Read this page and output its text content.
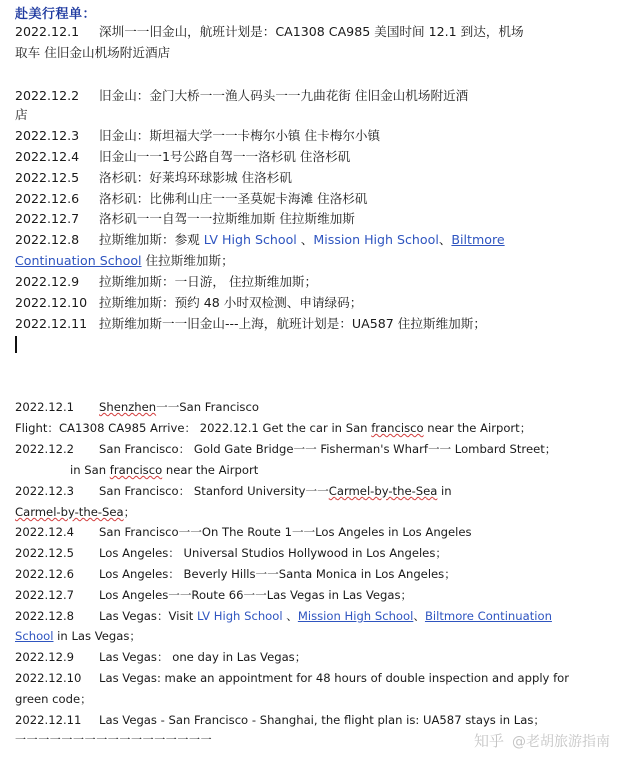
赴美行程单：
2022.12.1 深圳一一旧金山，航班计划是：CA1308 CA985 美国时间 12.1 到达，机场
取车 住旧金山机场附近酒店
2022.12.2 旧金山：金门大桥一一渔人码头一一九曲花街 住旧金山机场附近酒
店
2022.12.3 旧金山：斯坦福大学一一卡梅尔小镇 住卡梅尔小镇
2022.12.4 旧金山一一1号公路自驾一一洛杉矶 住洛杉矶
2022.12.5 洛杉矶：好莱坞环球影城 住洛杉矶
2022.12.6 洛杉矶：比佛利山庄一一圣莫妮卡海滩 住洛杉矶
2022.12.7 洛杉矶一一自驾一一拉斯维加斯 住拉斯维加斯
2022.12.8 拉斯维加斯：参观 LV High School 、Mission High School、Biltmore
Continuation School 住拉斯维加斯；
2022.12.9 拉斯维加斯：一日游， 住拉斯维加斯；
2022.12.10 拉斯维加斯：预约 48 小时双检测、申请绿码；
2022.12.11 拉斯维加斯一一旧金山---上海，航班计划是：UA587 住拉斯维加斯；
2022.12.1 Shenzhen一一San Francisco
Flight：CA1308 CA985 Arrive： 2022.12.1 Get the car in San francisco near the Airport；
2022.12.2 San Francisco： Gold Gate Bridge一一 Fisherman's Wharf一一 Lombard Street；
in San francisco near the Airport
2022.12.3 San Francisco： Stanford University一一Carmel-by-the-Sea in
Carmel-by-the-Sea；
2022.12.4 San Francisco一一On The Route 1一一Los Angeles in Los Angeles
2022.12.5 Los Angeles： Universal Studios Hollywood in Los Angeles；
2022.12.6 Los Angeles： Beverly Hills一一Santa Monica in Los Angeles；
2022.12.7 Los Angeles一一Route 66一一Las Vegas in Las Vegas；
2022.12.8 Las Vegas：Visit LV High School 、Mission High School、Biltmore Continuation
School in Las Vegas；
2022.12.9 Las Vegas： one day in Las Vegas；
2022.12.10 Las Vegas: make an appointment for 48 hours of double inspection and apply for
green code；
2022.12.11 Las Vegas - San Francisco - Shanghai, the flight plan is: UA587 stays in Las；
一一一一一一一一一一一一一一一一一	知乎 @老胡旅游指南
